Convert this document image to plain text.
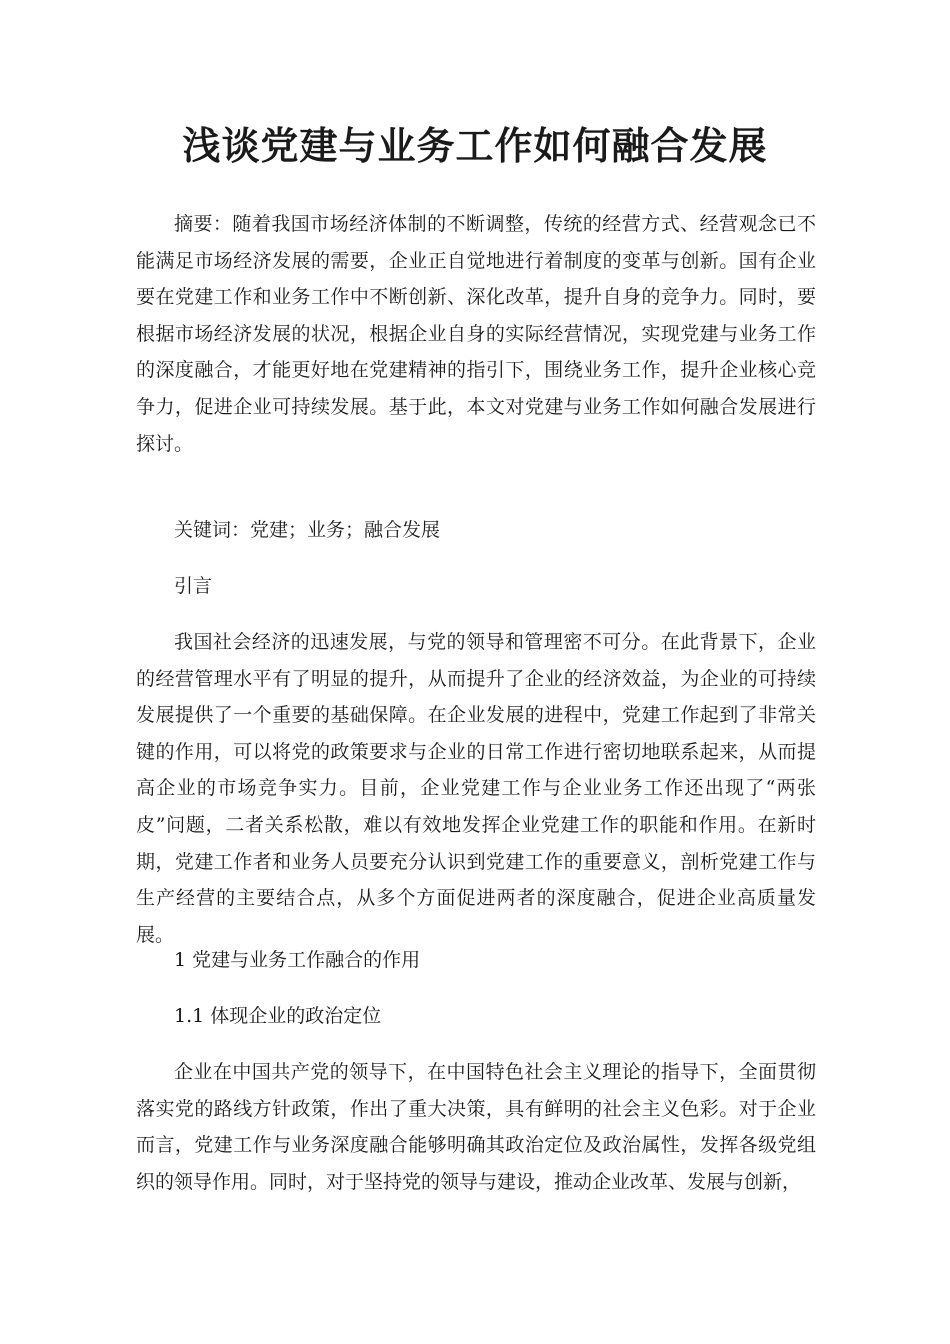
浅谈党建与业务工作如何融合发展

摘要：随着我国市场经济体制的不断调整，传统的经营方式、经营观念已不能满足市场经济发展的需要，企业正自觉地进行着制度的变革与创新。国有企业要在党建工作和业务工作中不断创新、深化改革，提升自身的竞争力。同时，要根据市场经济发展的状况，根据企业自身的实际经营情况，实现党建与业务工作的深度融合，才能更好地在党建精神的指引下，围绕业务工作，提升企业核心竞争力，促进企业可持续发展。基于此，本文对党建与业务工作如何融合发展进行探讨。

关键词：党建；业务；融合发展

引言

我国社会经济的迅速发展，与党的领导和管理密不可分。在此背景下，企业的经营管理水平有了明显的提升，从而提升了企业的经济效益，为企业的可持续发展提供了一个重要的基础保障。在企业发展的进程中，党建工作起到了非常关键的作用，可以将党的政策要求与企业的日常工作进行密切地联系起来，从而提高企业的市场竞争实力。目前，企业党建工作与企业业务工作还出现了“两张皮”问题，二者关系松散，难以有效地发挥企业党建工作的职能和作用。在新时期，党建工作者和业务人员要充分认识到党建工作的重要意义，剖析党建工作与生产经营的主要结合点，从多个方面促进两者的深度融合，促进企业高质量发展。

1 党建与业务工作融合的作用

1.1 体现企业的政治定位

企业在中国共产党的领导下，在中国特色社会主义理论的指导下，全面贯彻落实党的路线方针政策，作出了重大决策，具有鲜明的社会主义色彩。对于企业而言，党建工作与业务深度融合能够明确其政治定位及政治属性，发挥各级党组织的领导作用。同时，对于坚持党的领导与建设，推动企业改革、发展与创新，
